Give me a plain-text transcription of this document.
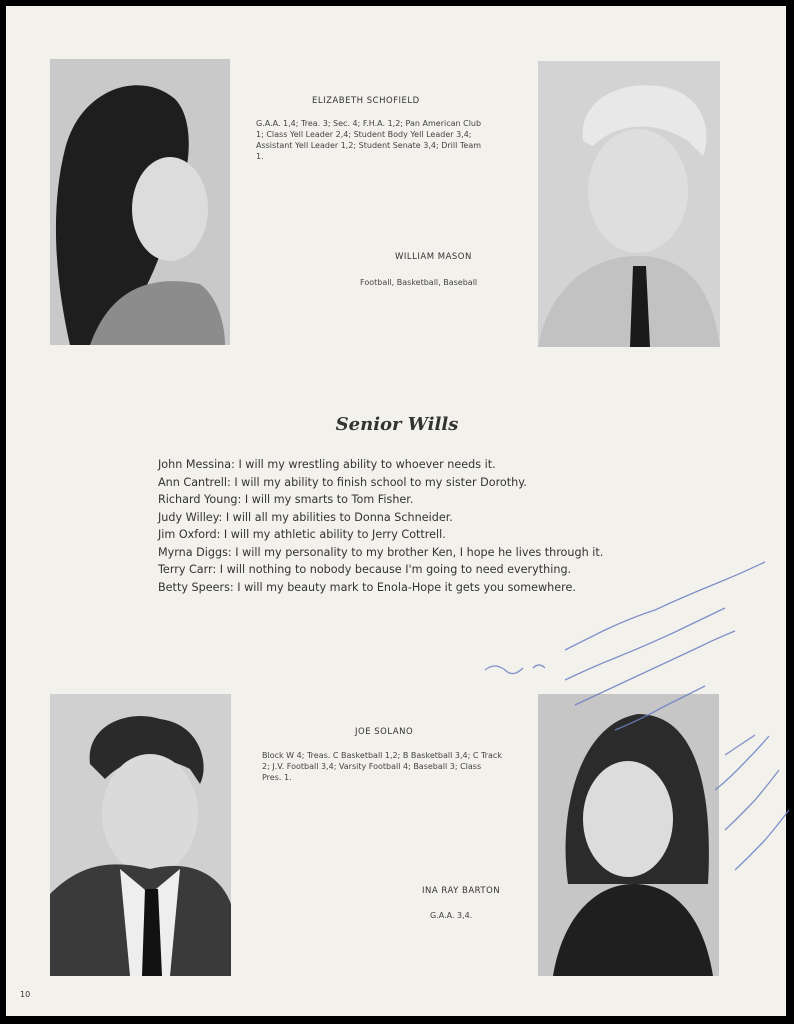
ELIZABETH SCHOFIELD
G.A.A. 1,4; Trea. 3; Sec. 4; F.H.A. 1,2; Pan American Club 1; Class Yell Leader 2,4; Student Body Yell Leader 3,4; Assistant Yell Leader 1,2; Student Senate 3,4; Drill Team 1.
WILLIAM MASON
Football, Basketball, Baseball
Senior Wills
John Messina: I will my wrestling ability to whoever needs it.
Ann Cantrell: I will my ability to finish school to my sister Dorothy.
Richard Young: I will my smarts to Tom Fisher.
Judy Willey: I will all my abilities to Donna Schneider.
Jim Oxford: I will my athletic ability to Jerry Cottrell.
Myrna Diggs: I will my personality to my brother Ken, I hope he lives through it.
Terry Carr: I will nothing to nobody because I'm going to need everything.
Betty Speers: I will my beauty mark to Enola-Hope it gets you somewhere.
JOE SOLANO
Block W 4; Treas. C Basketball 1,2; B Basketball 3,4; C Track 2; J.V. Football 3,4; Varsity Football 4; Baseball 3; Class Pres. 1.
INA RAY BARTON
G.A.A. 3,4.
10
